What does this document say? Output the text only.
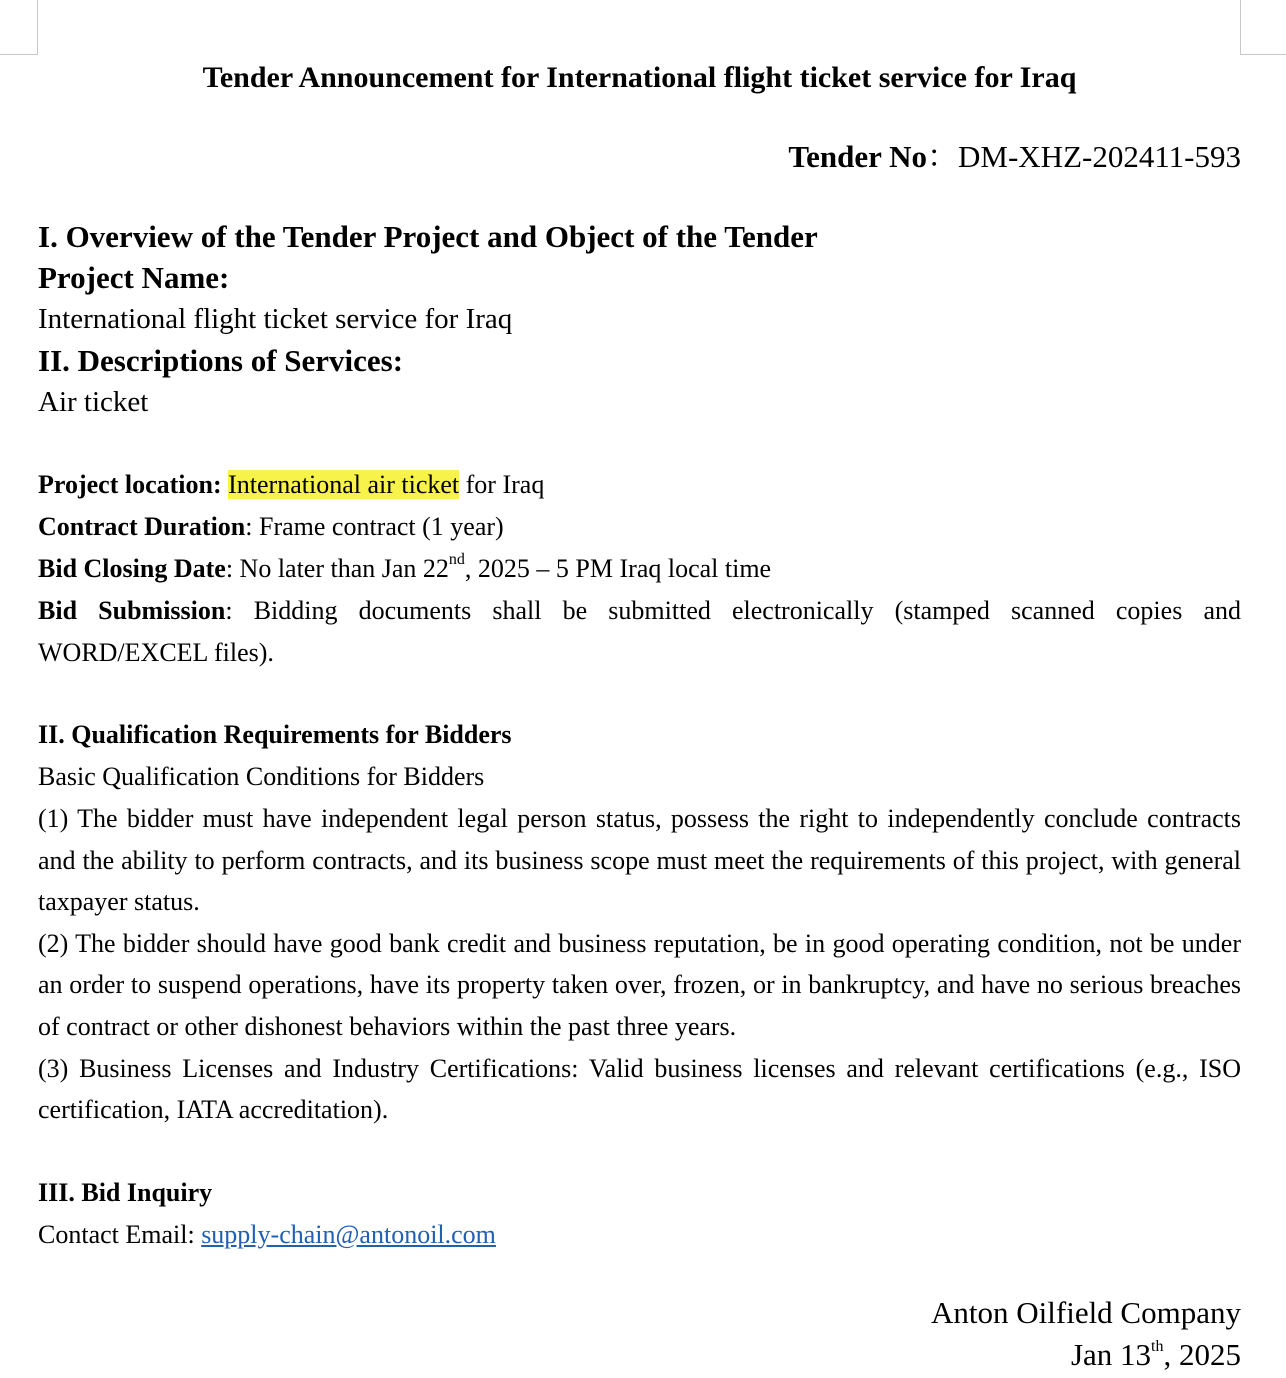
Tender Announcement for International flight ticket service for Iraq
Tender No：DM-XHZ-202411-593
I. Overview of the Tender Project and Object of the Tender
Project Name:
International flight ticket service for Iraq
II. Descriptions of Services:
Air ticket
Project location: International air ticket for Iraq
Contract Duration: Frame contract (1 year)
Bid Closing Date: No later than Jan 22nd, 2025 – 5 PM Iraq local time
Bid Submission: Bidding documents shall be submitted electronically (stamped scanned copies and WORD/EXCEL files).
II. Qualification Requirements for Bidders
Basic Qualification Conditions for Bidders
(1) The bidder must have independent legal person status, possess the right to independently conclude contracts and the ability to perform contracts, and its business scope must meet the requirements of this project, with general taxpayer status.
(2) The bidder should have good bank credit and business reputation, be in good operating condition, not be under an order to suspend operations, have its property taken over, frozen, or in bankruptcy, and have no serious breaches of contract or other dishonest behaviors within the past three years.
(3) Business Licenses and Industry Certifications: Valid business licenses and relevant certifications (e.g., ISO certification, IATA accreditation).
III. Bid Inquiry
Contact Email: supply-chain@antonoil.com
Anton Oilfield Company
Jan 13th, 2025
